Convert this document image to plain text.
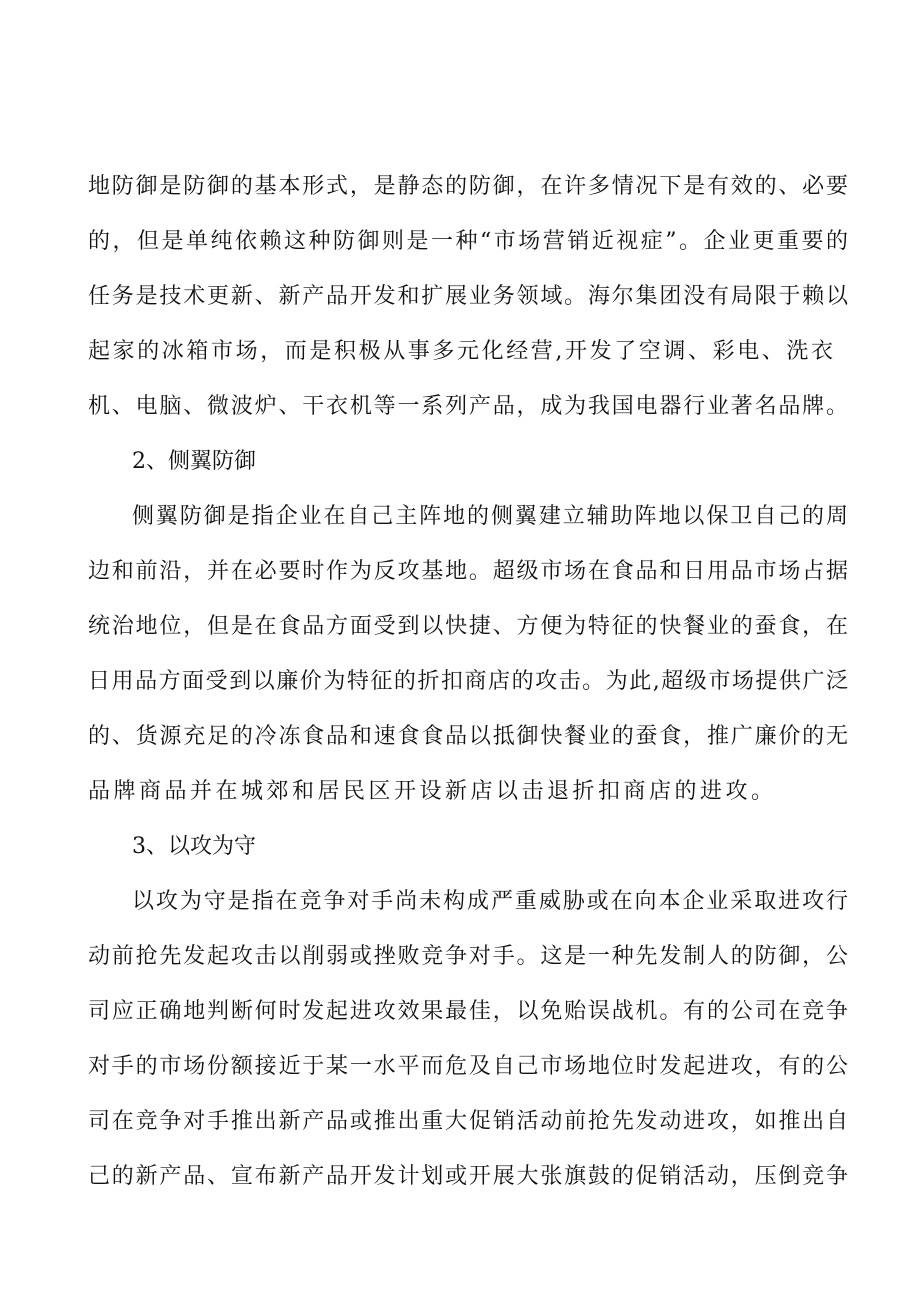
地防御是防御的基本形式，是静态的防御，在许多情况下是有效的、必要
的，但是单纯依赖这种防御则是一种“市场营销近视症”。企业更重要的
任务是技术更新、新产品开发和扩展业务领域。海尔集团没有局限于赖以
起家的冰箱市场，而是积极从事多元化经营,开发了空调、彩电、洗衣
机、电脑、微波炉、干衣机等一系列产品，成为我国电器行业著名品牌。
2、侧翼防御
侧翼防御是指企业在自己主阵地的侧翼建立辅助阵地以保卫自己的周
边和前沿，并在必要时作为反攻基地。超级市场在食品和日用品市场占据
统治地位，但是在食品方面受到以快捷、方便为特征的快餐业的蚕食，在
日用品方面受到以廉价为特征的折扣商店的攻击。为此,超级市场提供广泛
的、货源充足的冷冻食品和速食食品以抵御快餐业的蚕食，推广廉价的无
品牌商品并在城郊和居民区开设新店以击退折扣商店的进攻。
3、以攻为守
以攻为守是指在竞争对手尚未构成严重威胁或在向本企业采取进攻行
动前抢先发起攻击以削弱或挫败竞争对手。这是一种先发制人的防御，公
司应正确地判断何时发起进攻效果最佳，以免贻误战机。有的公司在竞争
对手的市场份额接近于某一水平而危及自己市场地位时发起进攻，有的公
司在竞争对手推出新产品或推出重大促销活动前抢先发动进攻，如推出自
己的新产品、宣布新产品开发计划或开展大张旗鼓的促销活动，压倒竞争
